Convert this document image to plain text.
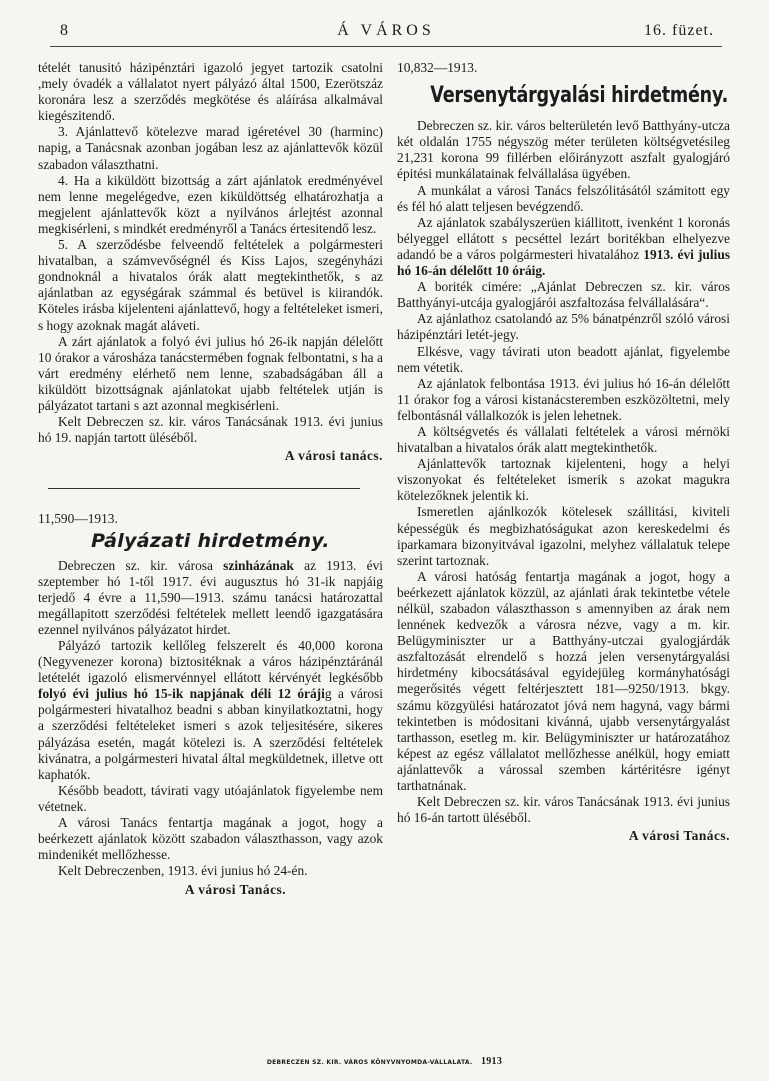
8	Á VÁROS	16. füzet.

tételét tanusitó házipénztári igazoló jegyet tartozik csatolni ,mely óvadék a vállalatot nyert pályázó által 1500, Ezerötszáz koronára lesz a szerződés megkötése és aláírása alkalmával kiegészitendő.

3. Ajánlattevő kötelezve marad igéretével 30 (harminc) napig, a Tanácsnak azonban jogában lesz az ajánlattevők közül szabadon választhatni.

4. Ha a kiküldött bizottság a zárt ajánlatok eredményével nem lenne megelégedve, ezen kiküldöttség elhatározhatja a megjelent ajánlattevők közt a nyilvános árlejtést azonnal megkisérleni, s mindkét eredményről a Tanács értesitendő lesz.

5. A szerződésbe felveendő feltételek a polgármesteri hivatalban, a számvevőségnél és Kiss Lajos, szegényházi gondnoknál a hivatalos órák alatt megtekinthetők, s az ajánlatban az egységárak számmal és betüvel is kiirandók. Köteles irásba kijelenteni ajánlattevő, hogy a feltételeket ismeri, s hogy azoknak magát aláveti.

A zárt ajánlatok a folyó évi julius hó 26-ik napján délelőtt 10 órakor a városháza tanácstermében fognak felbontatni, s ha a várt eredmény elérhető nem lenne, szabadságában áll a kiküldött bizottságnak ajánlatokat ujabb feltételek utján is pályázatot tartani s azt azonnal megkisérleni.

Kelt Debreczen sz. kir. város Tanácsának 1913. évi junius hó 19. napján tartott üléséből.

A városi tanács.
11,590—1913.
Pályázati hirdetmény.

Debreczen sz. kir. városa szinházának az 1913. évi szeptember hó 1-től 1917. évi augusztus hó 31-ik napjáig terjedő 4 évre a 11,590—1913. számu tanácsi határozattal megállapitott szerződési feltételek mellett leendő igazgatására ezennel nyilvános pályázatot hirdet.

Pályázó tartozik kellőleg felszerelt és 40,000 korona (Negyvenezer korona) biztositéknak a város házipénztáránál letételét igazoló elismervénnyel ellátott kérvényét legkésőbb folyó évi julius hó 15-ik napjának déli 12 órájig a városi polgármesteri hivatalhoz beadni s abban kinyilatkoztatni, hogy a szerződési feltételeket ismeri s azok teljesitésére, sikeres pályázása esetén, magát kötelezi is. A szerződési feltételek kivánatra, a polgármesteri hivatal által megküldetnek, illetve ott kaphatók.

Később beadott, távirati vagy utóajánlatok figyelembe nem vétetnek.

A városi Tanács fentartja magának a jogot, hogy a beérkezett ajánlatok között szabadon választhasson, vagy azok mindenikét mellőzhesse.

Kelt Debreczenben, 1913. évi junius hó 24-én.

A városi Tanács.
10,832—1913.
Versenytárgyalási hirdetmény.

Debreczen sz. kir. város belterületén levő Batthyány-utcza két oldalán 1755 négyszög méter területen költségvetésileg 21,231 korona 99 fillérben előirányzott aszfalt gyalogjáró épitési munkálatainak felvállalása ügyében.

A munkálat a városi Tanács felszólitásától számitott egy és fél hó alatt teljesen bevégzendő.

Az ajánlatok szabályszerüen kiállitott, ivenként 1 koronás bélyeggel ellátott s pecséttel lezárt boritékban elhelyezve adandó be a város polgármesteri hivatalához 1913. évi julius hó 16-án délelőtt 10 óráig.

A boriték cimére: „Ajánlat Debreczen sz. kir. város Batthyányi-utcája gyalogjárói aszfaltozása felvállalására“.

Az ajánlathoz csatolandó az 5% bánatpénzről szóló városi házipénztári letét-jegy.

Elkésve, vagy távirati uton beadott ajánlat, figyelembe nem vétetik.

Az ajánlatok felbontása 1913. évi julius hó 16-án délelőtt 11 órakor fog a városi kistanácsteremben eszközöltetni, mely felbontásnál vállalkozók is jelen lehetnek.

A költségvetés és vállalati feltételek a városi mérnöki hivatalban a hivatalos órák alatt megtekinthetők.

Ajánlattevők tartoznak kijelenteni, hogy a helyi viszonyokat és feltételeket ismerik s azokat magukra kötelezőknek jelentik ki.

Ismeretlen ajánlkozók kötelesek szállitási, kiviteli képességük és megbizhatóságukat azon kereskedelmi és iparkamara bizonyitvával igazolni, melyhez vállalatuk telepe szerint tartoznak.

A városi hatóság fentartja magának a jogot, hogy a beérkezett ajánlatok közzül, az ajánlati árak tekintetbe vétele nélkül, szabadon választhasson s amennyiben az árak nem lennének kedvezők a városra nézve, vagy a m. kir. Belügyminiszter ur a Batthyány-utczai gyalogjárdák aszfaltozását elrendelő s hozzá jelen versenytárgyalási hirdetmény kibocsátásával egyidejüleg kormányhatósági megerősités végett feltérjesztett 181—9250/1913. bkgy. számu közgyülési határozatot jóvá nem hagyná, vagy bármi tekintetben is módositani kivánná, ujabb versenytárgyalást tarthasson, esetleg m. kir. Belügyminiszter ur határozatához képest az egész vállalatot mellőzhesse anélkül, hogy emiatt ajánlattevők a várossal szemben kártéritésre igényt tarthatnának.

Kelt Debreczen sz. kir. város Tanácsának 1913. évi junius hó 16-án tartott üléséből.

A városi Tanács.
DEBRECZEN SZ. KIR. VÁROS KÖNYVNYOMDA-VÁLLALATA. 1913
